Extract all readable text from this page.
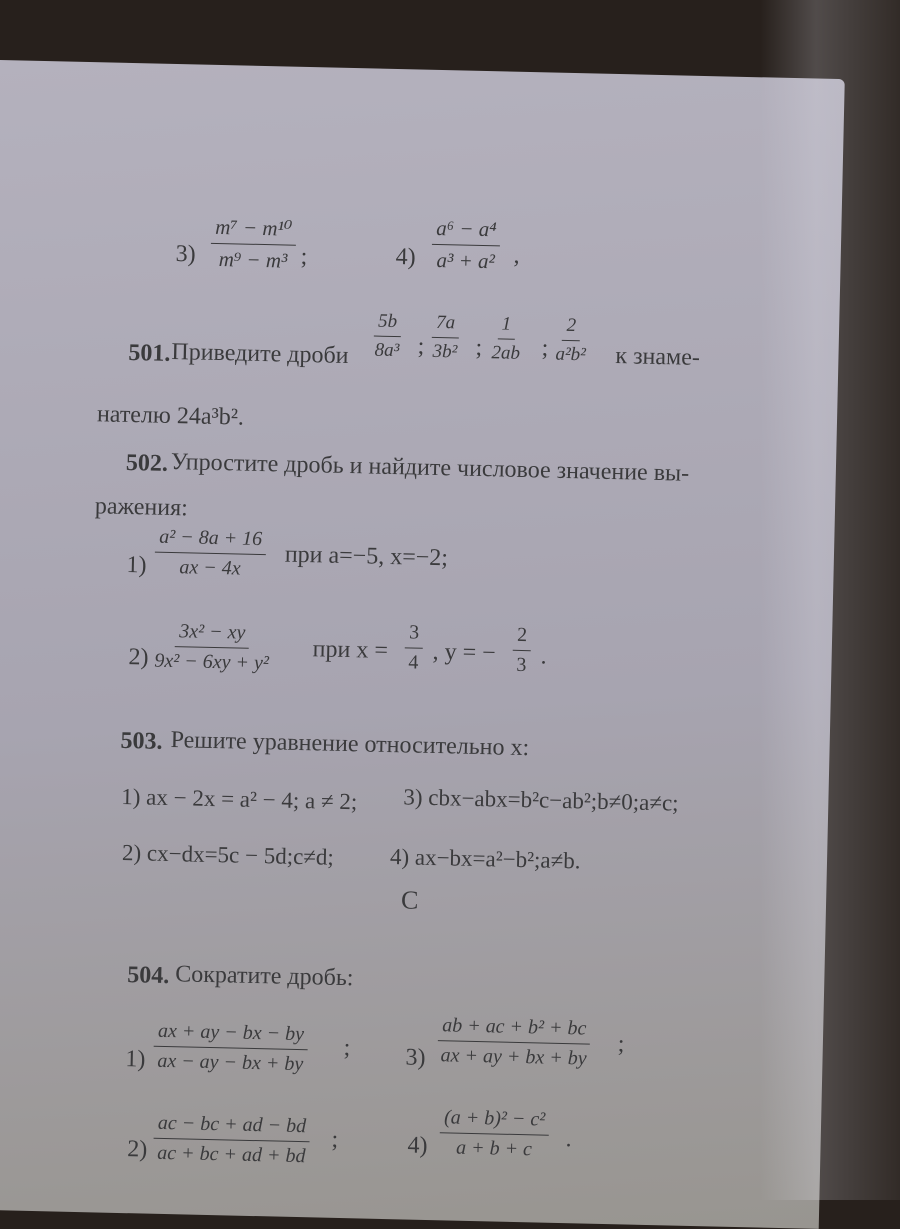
$3) \frac{\text{m⁷ − m¹⁰}}{\text{m⁹ − m³}}$ ;	$4) \frac{\text{a⁶ − a⁴}}{\text{a³ + a²}}$ ,
501. Приведите дроби $\frac{5b}{\text{8a³}}$ ; $\frac{7a}{\text{3b²}}$ ; $\frac{1}{2ab}$ ; $\frac{2}{\text{a²b²}}$ к знаме-
нателю 24a³b².
502. Упростите дробь и найдите числовое значение вы-
ражения:
$1) \frac{\text{a² − 8a + 16}}{ax - 4x}$ при a=−5, x=−2;
$2) \frac{\text{3x² − xy}}{\text{9x² − 6xy + y²}}$ при $x = \frac{3}{4}$ , y = − $\frac{2}{3}$ .
503. Решите уравнение относительно x:
1) ax − 2x = a² − 4; a ≠ 2; 3) cbx−abx=b²c−ab²;b≠0;a≠c;
2) cx−dx=5c − 5d;c≠d; 4) ax−bx=a²−b²;a≠b.
С
504. Сократите дробь:
$1) \frac{ax + ay - bx - by}{ax - ay - bx + by}$ ; $3) \frac{\text{ab + ac + b² + bc}}{ax + ay + bx + by}$ ;
$2) \frac{ac - bc + ad - bd}{ac + bc + ad + bd}$ ;	$4) \frac{\text{(a + b)² − c²}}{a + b + c}$ .
